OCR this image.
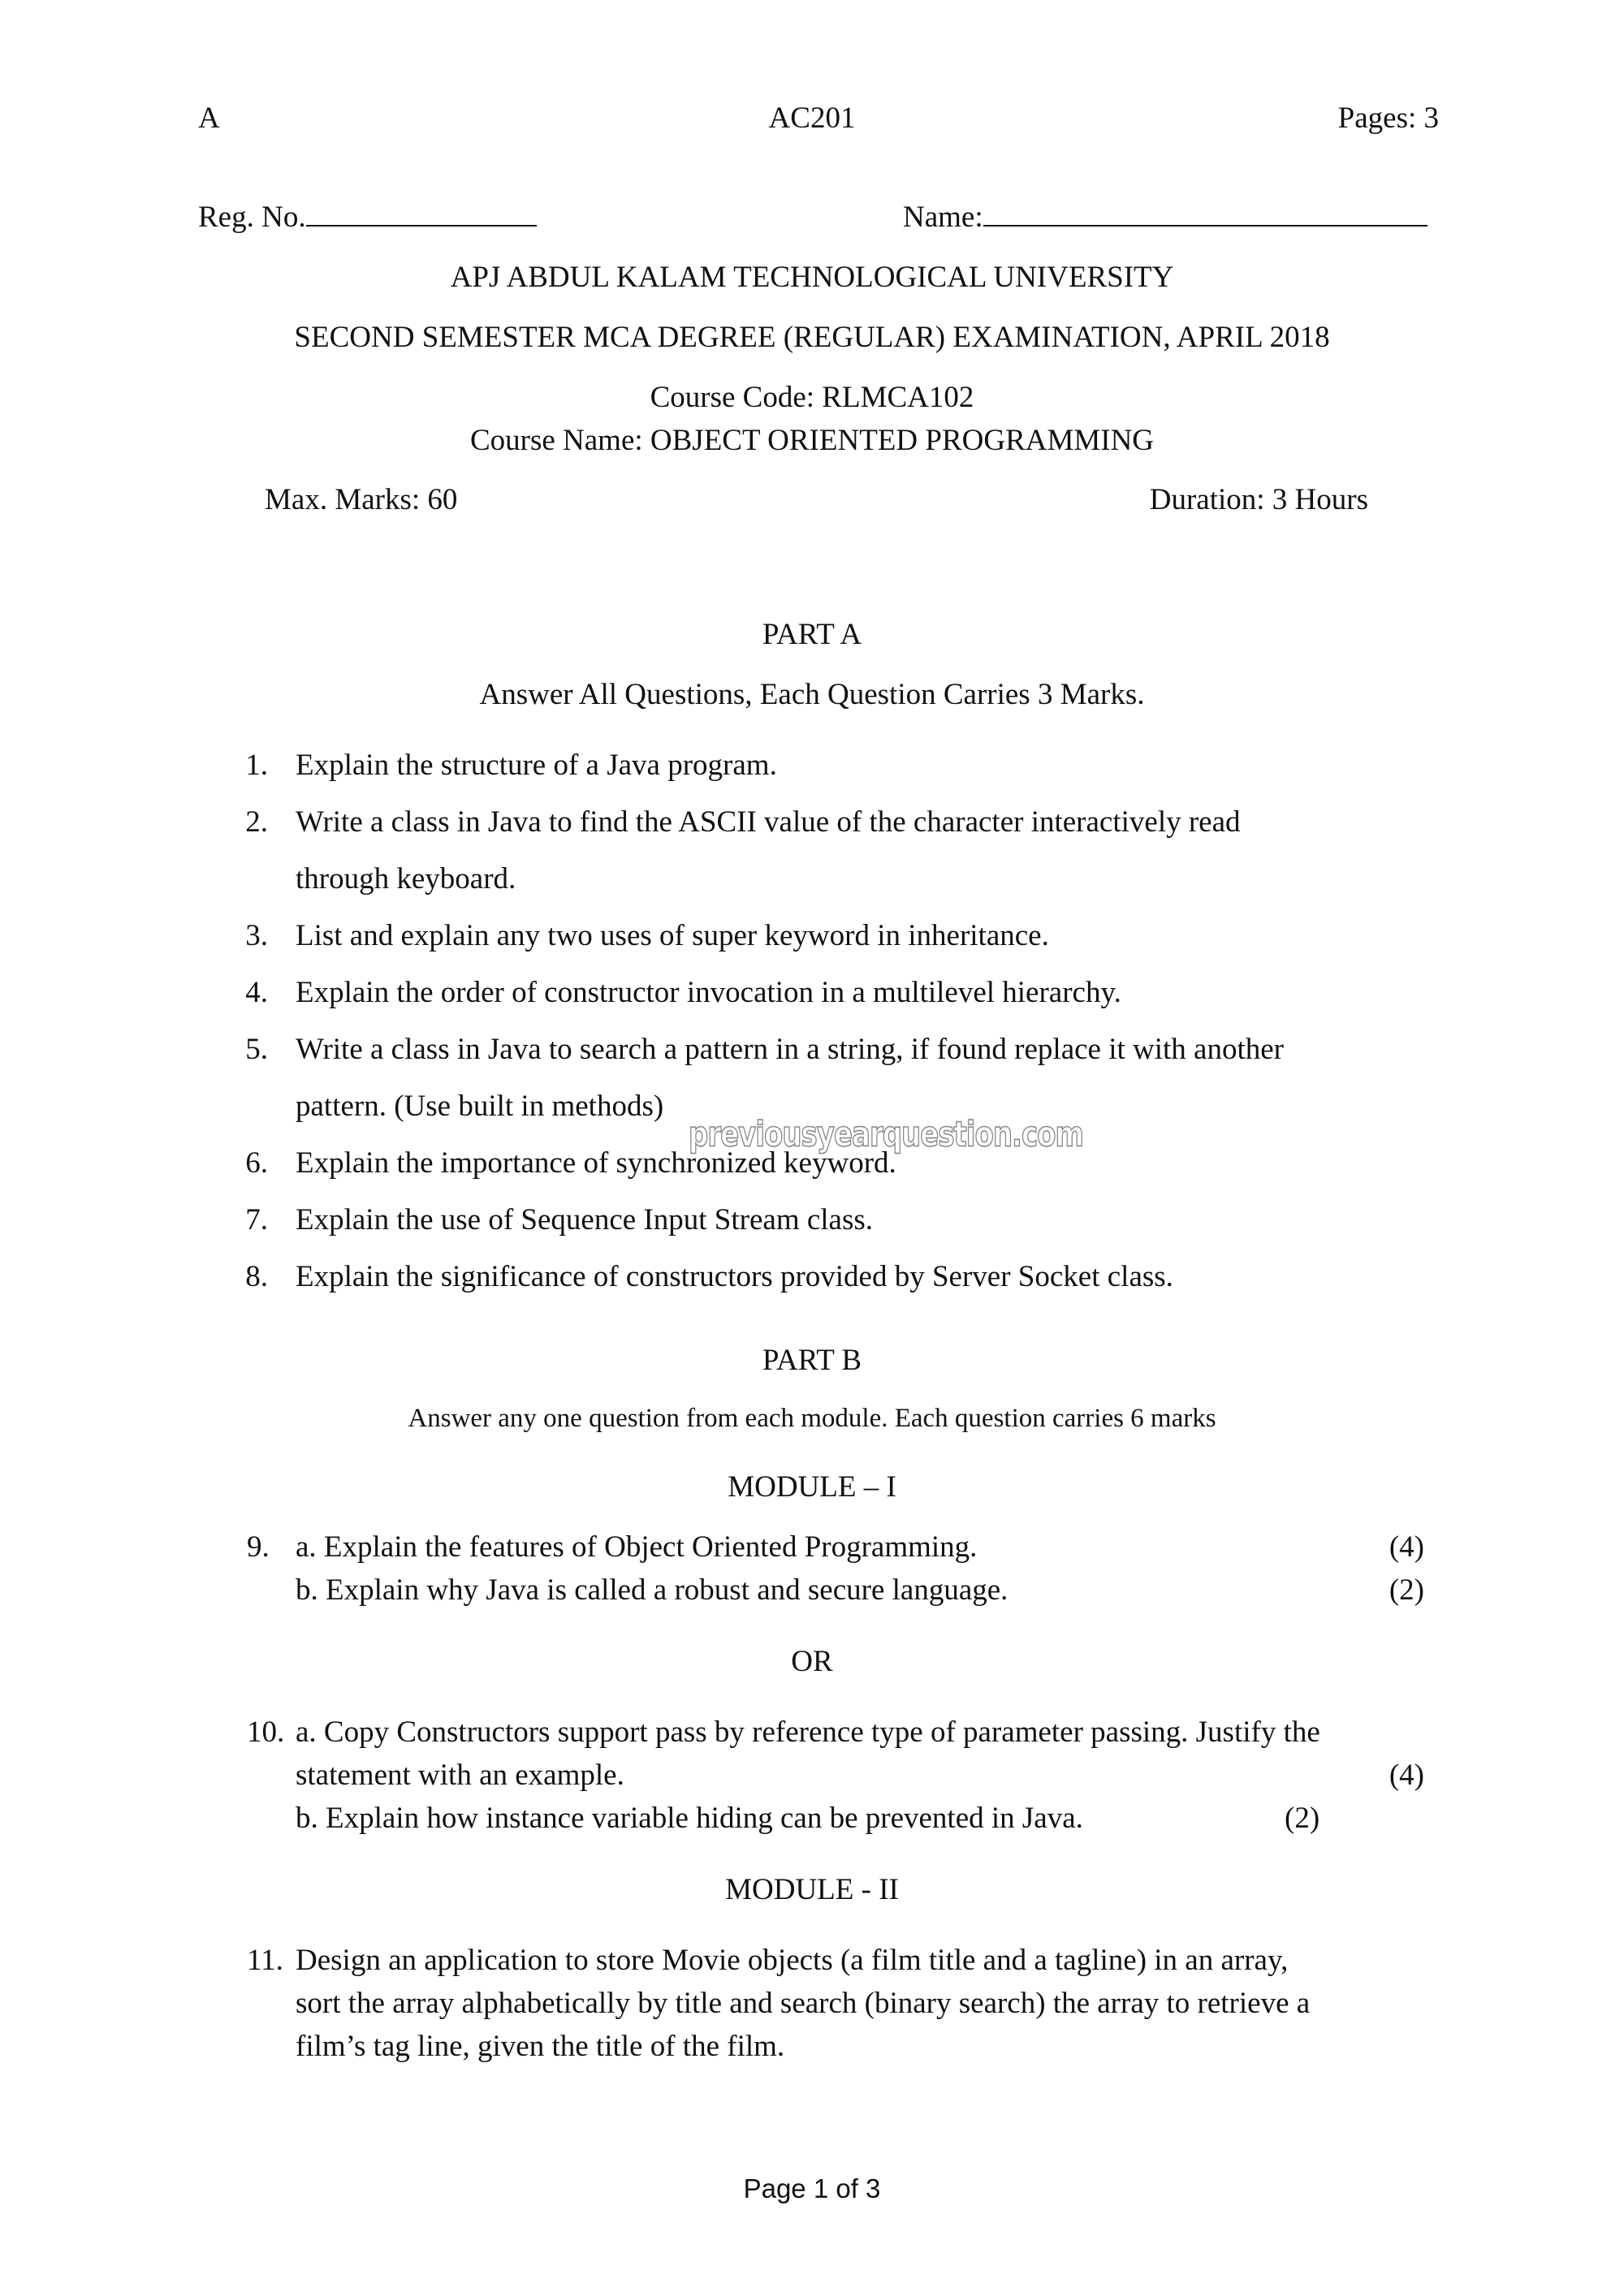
A	AC201	Pages: 3
Reg. No.	Name:
APJ ABDUL KALAM TECHNOLOGICAL UNIVERSITY
SECOND SEMESTER MCA DEGREE (REGULAR) EXAMINATION, APRIL 2018
Course Code: RLMCA102
Course Name: OBJECT ORIENTED PROGRAMMING
Max. Marks: 60	Duration: 3 Hours
PART A
Answer All Questions, Each Question Carries 3 Marks.
1. Explain the structure of a Java program.
2. Write a class in Java to find the ASCII value of the character interactively read
through keyboard.
3. List and explain any two uses of super keyword in inheritance.
4. Explain the order of constructor invocation in a multilevel hierarchy.
5. Write a class in Java to search a pattern in a string, if found replace it with another
pattern. (Use built in methods)
6. Explain the importance of synchronized keyword.
7. Explain the use of Sequence Input Stream class.
8. Explain the significance of constructors provided by Server Socket class.
previousyearquestion.com
PART B
Answer any one question from each module. Each question carries 6 marks
MODULE – I
9. a. Explain the features of Object Oriented Programming.	(4)
b. Explain why Java is called a robust and secure language.	(2)
OR
10. a. Copy Constructors support pass by reference type of parameter passing. Justify the
statement with an example.	(4)
b. Explain how instance variable hiding can be prevented in Java.	(2)
MODULE - II
11. Design an application to store Movie objects (a film title and a tagline) in an array,
sort the array alphabetically by title and search (binary search) the array to retrieve a
film’s tag line, given the title of the film.
Page 1 of 3
